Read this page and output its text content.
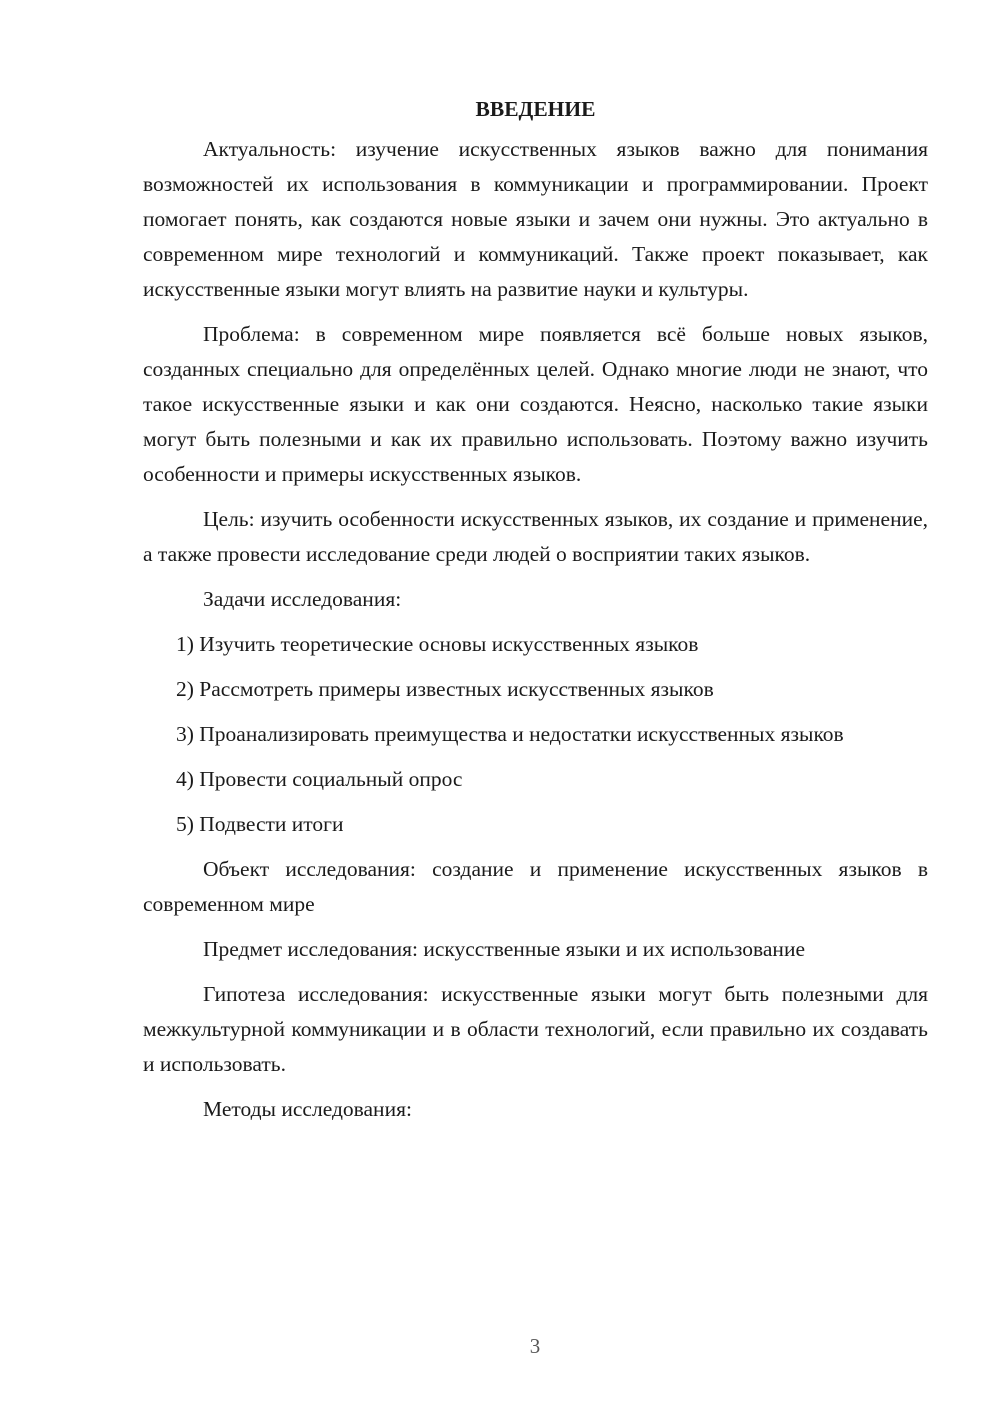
ВВЕДЕНИЕ

Актуальность: изучение искусственных языков важно для понимания возможностей их использования в коммуникации и программировании. Проект помогает понять, как создаются новые языки и зачем они нужны. Это актуально в современном мире технологий и коммуникаций. Также проект показывает, как искусственные языки могут влиять на развитие науки и культуры.

Проблема: в современном мире появляется всё больше новых языков, созданных специально для определённых целей. Однако многие люди не знают, что такое искусственные языки и как они создаются. Неясно, насколько такие языки могут быть полезными и как их правильно использовать. Поэтому важно изучить особенности и примеры искусственных языков.

Цель: изучить особенности искусственных языков, их создание и применение, а также провести исследование среди людей о восприятии таких языков.

Задачи исследования:

1) Изучить теоретические основы искусственных языков

2) Рассмотреть примеры известных искусственных языков

3) Проанализировать преимущества и недостатки искусственных языков

4) Провести социальный опрос

5) Подвести итоги

Объект исследования: создание и применение искусственных языков в современном мире

Предмет исследования: искусственные языки и их использование

Гипотеза исследования: искусственные языки могут быть полезными для межкультурной коммуникации и в области технологий, если правильно их создавать и использовать.

Методы исследования:

3
